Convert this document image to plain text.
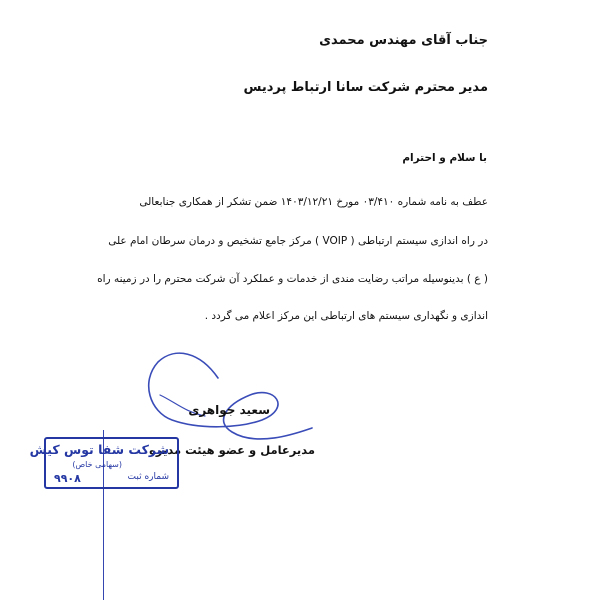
جناب آقای مهندس محمدی
مدیر محترم شرکت سانا ارتباط پردیس
با سلام و احترام
عطف به نامه شماره ۰۳/۴۱۰ مورخ ۱۴۰۳/۱۲/۲۱ ضمن تشکر از همکاری جنابعالی
در راه اندازی سیستم ارتباطی ( VOIP ) مرکز جامع تشخیص و درمان سرطان امام علی
( ع ) بدینوسیله مراتب رضایت مندی از خدمات و عملکرد آن شرکت محترم را در زمینه راه
اندازی و نگهداری سیستم های ارتباطی این مرکز اعلام می گردد .
سعید جواهری
مدیرعامل و عضو هیئت مدیره
شرکت شفا توس کیش
(سهامی خاص)
شماره ثبت
۹۹۰۸
